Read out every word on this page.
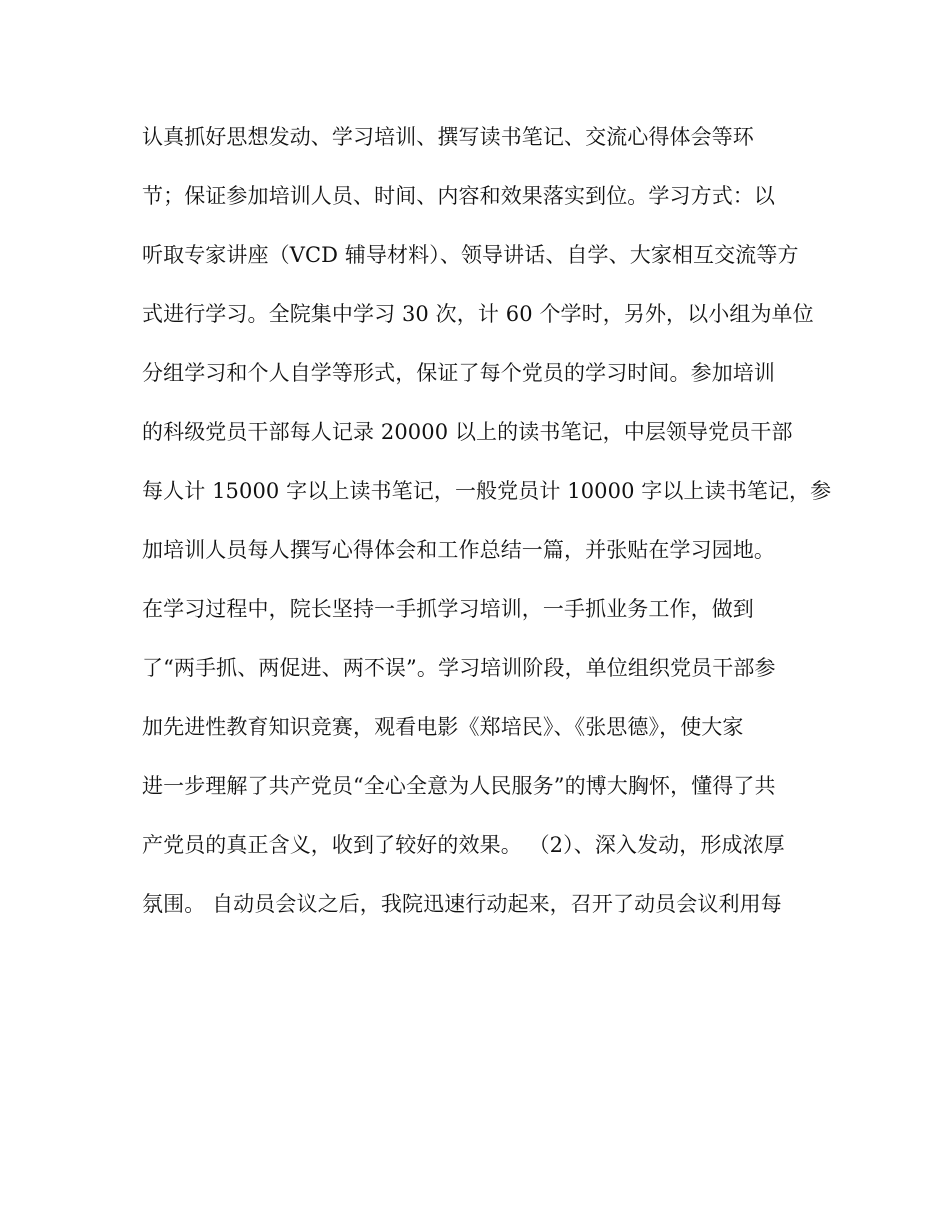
认真抓好思想发动、学习培训、撰写读书笔记、交流心得体会等环
节；保证参加培训人员、时间、内容和效果落实到位。学习方式：以
听取专家讲座（VCD 辅导材料）、领导讲话、自学、大家相互交流等方
式进行学习。全院集中学习 30 次，计 60 个学时，另外，以小组为单位
分组学习和个人自学等形式，保证了每个党员的学习时间。参加培训
的科级党员干部每人记录 20000 以上的读书笔记，中层领导党员干部
每人计 15000 字以上读书笔记，一般党员计 10000 字以上读书笔记，参
加培训人员每人撰写心得体会和工作总结一篇，并张贴在学习园地。
在学习过程中，院长坚持一手抓学习培训，一手抓业务工作，做到
了“两手抓、两促进、两不误”。学习培训阶段，单位组织党员干部参
加先进性教育知识竞赛，观看电影《郑培民》、《张思德》，使大家
进一步理解了共产党员“全心全意为人民服务”的博大胸怀，懂得了共
产党员的真正含义，收到了较好的效果。 （2）、深入发动，形成浓厚
氛围。 自动员会议之后，我院迅速行动起来，召开了动员会议利用每
